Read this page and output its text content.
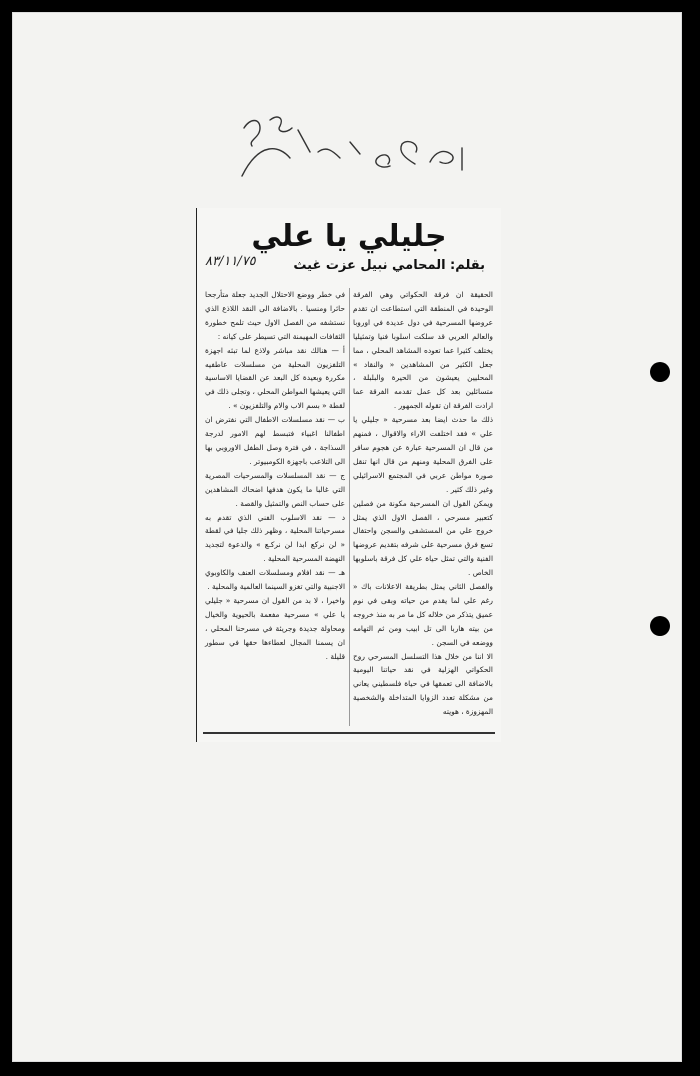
القدس ٢٢/١١/٨٣
جليلي يا علي
٨٣/١١/٧٥	بقلم: المحامي نبيل عزت غيث

الحقيقة ان فرقة الحكواتي وهي الفرقة الوحيدة في المنطقة التي استطاعت ان تقدم عروضها المسرحية في دول عديدة في اوروبا والعالم العربي قد سلكت اسلوبا فنيا وتمثيليا يختلف كثيرا عما تعوده المشاهد المحلي ، مما جعل الكثير من المشاهدين « والنقاد » المحليين يعيشون من الحيرة والبلبلة ، متسائلين بعد كل عمل تقدمه الفرقة عما ارادت الفرقة ان تقوله الجمهور .

ذلك ما حدث ايضا بعد مسرحية « جليلي يا علي » فقد اختلفت الاراء والاقوال ، فمنهم من قال ان المسرحية عبارة عن هجوم سافر على الفرق المحلية ومنهم من قال انها تنقل صورة مواطن عربي في المجتمع الاسرائيلي وغير ذلك كثير .

ويمكن القول ان المسرحية مكونة من فصلين كتعبير مسرحي ، الفصل الاول الذي يمثل خروج علي من المستشفى والسجن واحتفال تسع فرق مسرحية على شرفه بتقديم عروضها الفنية والتي تمثل حياة علي كل فرقة باسلوبها الخاص .

والفصل الثاني يمثل بطريقة الاعلانات باك « رغم علي لما يقدم من حياته وبقى في نوم عميق يتذكر من خلاله كل ما مر به منذ خروجه من بيته هاربا الى تل ابيب ومن ثم التهامه ووضعه في السجن .

الا اننا من خلال هذا التسلسل المسرحي روح الحكواتي الهزلية في نقد حياتنا اليومية بالاضافة الى تعمقها في حياة فلسطيني يعاني من مشكلة تعدد الزوايا المتداخلة والشخصية المهزوزة ، هويته

في خطر ووضع الاحتلال الجديد جعلة متأرجحا حائرا ومنسيا . بالاضافة الى النقد اللاذع الذي نستشفه من الفصل الاول حيث تلمح خطورة الثقافات المهيمنة التي تسيطر على كيانه :

أ — هنالك نقد مباشر ولاذع لما تبثه اجهزة التلفزيون المحلية من مسلسلات عاطفيه مكررة وبعيدة كل البعد عن القضايا الاساسية التي يعيشها المواطن المحلي ، وتجلى ذلك في لقطة « بسم الاب والام والتلفزيون » .

ب — نقد مسلسلات الاطفال التي نفترض ان اطفالنا اغبياء فتبسط لهم الامور لدرجة السذاجة ، في فترة وصل الطفل الاوروبي بها الى التلاعب باجهزة الكومبيوتر .

ج — نقد المسلسلات والمسرحيات المصرية التي غالبا ما يكون هدفها اضحاك المشاهدين على حساب النص والتمثيل والقصة .

د — نقد الاسلوب الفني الذي تقدم به مسرحياتنا المحلية ، وظهر ذلك جليا في لقطة « لن نركع ابدا لن نركـع » والدعوة لتجديد النهضة المسرحية المحلية .

هـ — نقد افلام ومسلسلات العنف والكاوبوي الاجنبية والتي تغزو السينما العالمية والمحلية .

واخيرا ، لا بد من القول ان مسرحية « جليلي يا علي » مسرحية مفعمة بالحيوية والخيال ومحاولة جديدة وجريئة في مسرحنا المحلي ، ان يسمنا المجال لعطاءها حقها في سطور قليلة .
